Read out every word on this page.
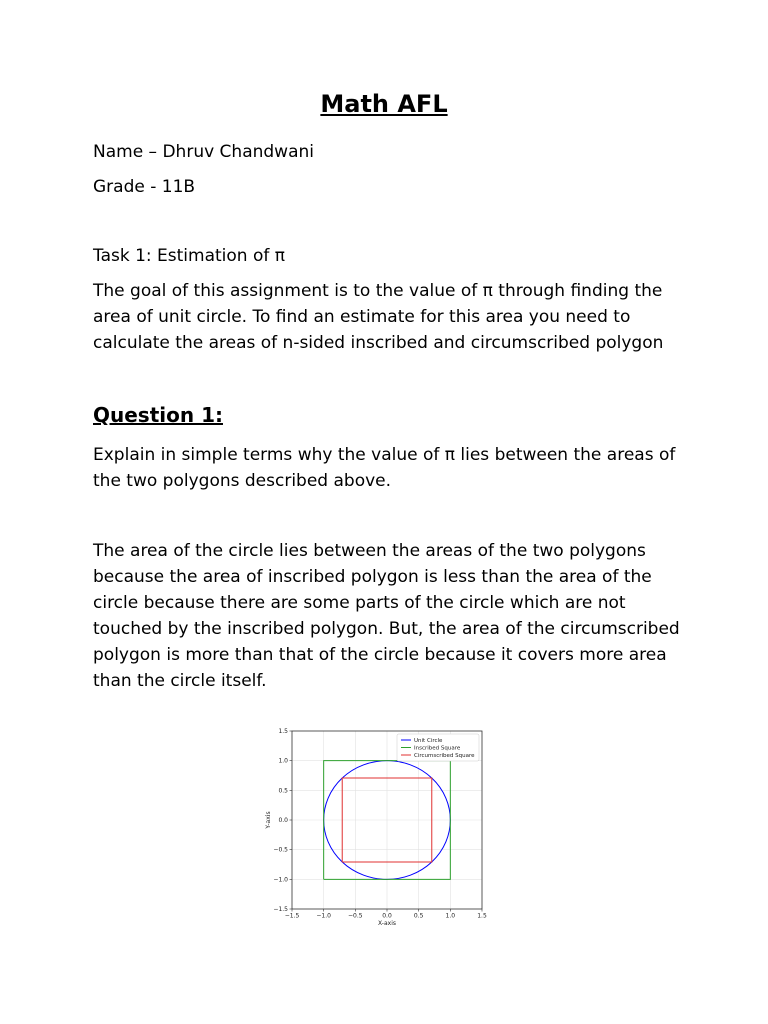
Math AFL

Name – Dhruv Chandwani

Grade - 11B

Task 1: Estimation of π

The goal of this assignment is to the value of π through finding the area of unit circle. To find an estimate for this area you need to calculate the areas of n-sided inscribed and circumscribed polygon

Question 1:

Explain in simple terms why the value of π lies between the areas of the two polygons described above.

The area of the circle lies between the areas of the two polygons because the area of inscribed polygon is less than the area of the circle because there are some parts of the circle which are not touched by the inscribed polygon. But, the area of the circumscribed polygon is more than that of the circle because it covers more area than the circle itself.

−1.5
−1.5
−1.0
−1.0
−0.5
−0.5
0.0
0.0
0.5
0.5
1.0
1.0
1.5
1.5
X-axis
Y-axis
Unit Circle
Inscribed Square
Circumscribed Square
